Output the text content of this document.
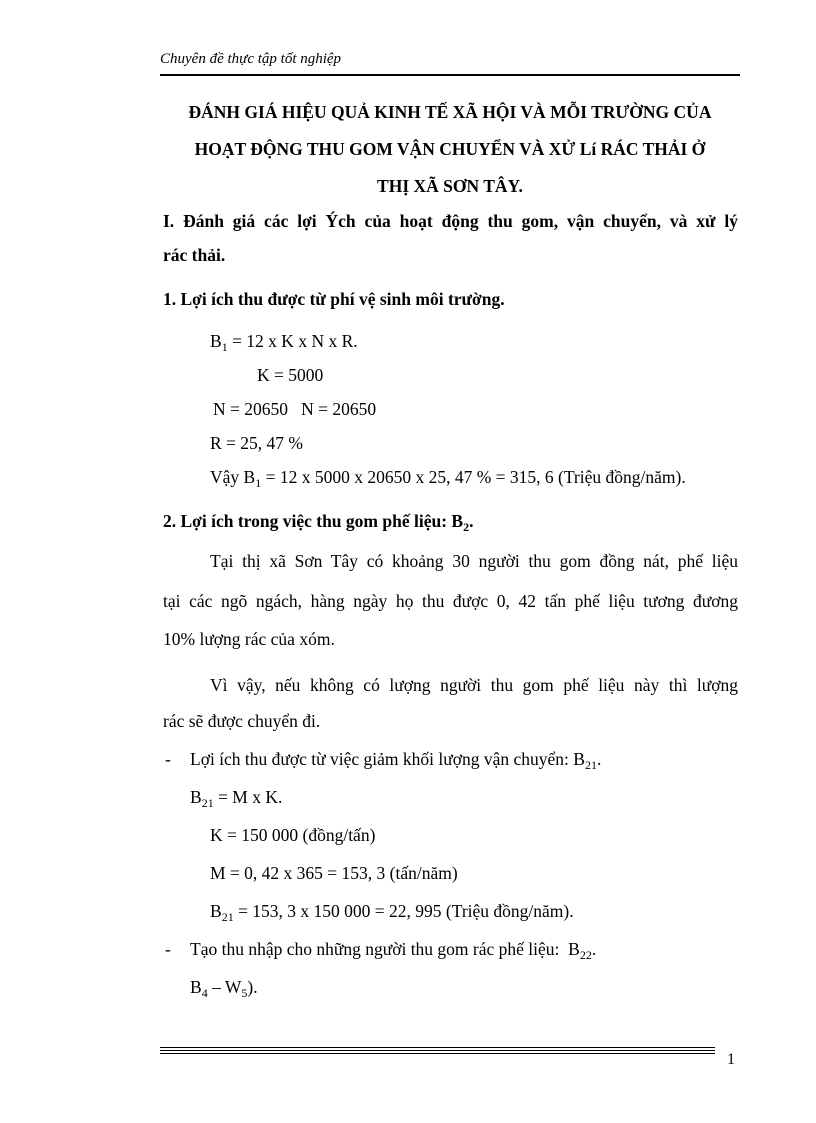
Chuyên đề thực tập tốt nghiệp
ĐÁNH GIÁ HIỆU QUẢ KINH TẾ XÃ HỘI VÀ MỖI TRƯỜNG CỦA
HOẠT ĐỘNG THU GOM VẬN CHUYỂN VÀ XỬ Lí RÁC THẢI Ở
THỊ XÃ SƠN TÂY.
I. Đánh giá các lợi Ých của hoạt động thu gom, vận chuyển, và xử lý
rác thải.
1. Lợi ích thu được từ phí vệ sinh môi trường.
$B_1 = 12$ x K x N x R.
K = 5000
N = 20650   N = 20650
R = 25, 47 %
Vậy $B_1 = 12$ x 5000 x 20650 x 25, 47 % = 315, 6 (Triệu đồng/năm).
2. Lợi ích trong việc thu gom phế liệu: $B_2$.
Tại thị xã Sơn Tây có khoảng 30 người thu gom đồng nát, phế liệu
tại các ngõ ngách, hàng ngày họ thu được 0, 42 tấn phế liệu tương đương
10% lượng rác của xóm.
Vì vậy, nếu không có lượng người thu gom phế liệu này thì lượng
rác sẽ được chuyển đi.
- Lợi ích thu được từ việc giảm khối lượng vận chuyển: $B_{21}$.
$B_{21} = M$ x K.
K = 150 000 (đồng/tấn)
M = 0, 42 x 365 = 153, 3 (tấn/năm)
$B_{21} = 153$, 3 x 150 000 = 22, 995 (Triệu đồng/năm).
- Tạo thu nhập cho những người thu gom rác phế liệu:  $B_{22}$.
$B_4 - W_5$).
1
